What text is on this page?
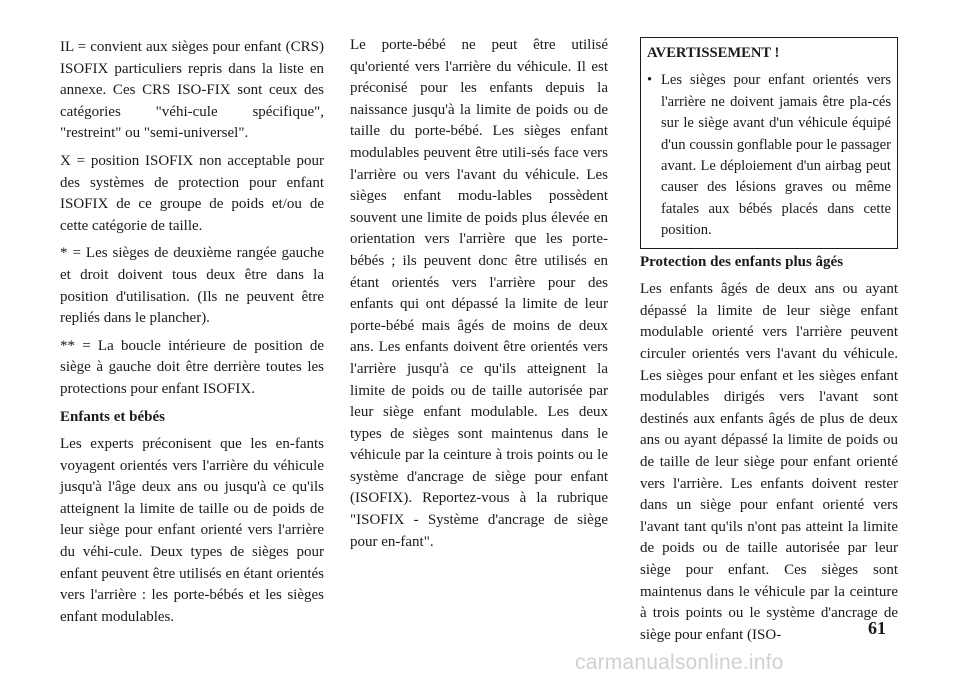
IL = convient aux sièges pour enfant (CRS) ISOFIX particuliers repris dans la liste en annexe. Ces CRS ISO-FIX sont ceux des catégories "véhi-cule spécifique", "restreint" ou "semi-universel".

X = position ISOFIX non acceptable pour des systèmes de protection pour enfant ISOFIX de ce groupe de poids et/ou de cette catégorie de taille.

* = Les sièges de deuxième rangée gauche et droit doivent tous deux être dans la position d'utilisation. (Ils ne peuvent être repliés dans le plancher).

** = La boucle intérieure de position de siège à gauche doit être derrière toutes les protections pour enfant ISOFIX.

Enfants et bébés

Les experts préconisent que les en-fants voyagent orientés vers l'arrière du véhicule jusqu'à l'âge deux ans ou jusqu'à ce qu'ils atteignent la limite de taille ou de poids de leur siège pour enfant orienté vers l'arrière du véhi-cule. Deux types de sièges pour enfant peuvent être utilisés en étant orientés vers l'arrière : les porte-bébés et les sièges enfant modulables.

Le porte-bébé ne peut être utilisé qu'orienté vers l'arrière du véhicule. Il est préconisé pour les enfants depuis la naissance jusqu'à la limite de poids ou de taille du porte-bébé. Les sièges enfant modulables peuvent être utili-sés face vers l'arrière ou vers l'avant du véhicule. Les sièges enfant modu-lables possèdent souvent une limite de poids plus élevée en orientation vers l'arrière que les porte-bébés ; ils peuvent donc être utilisés en étant orientés vers l'arrière pour des enfants qui ont dépassé la limite de leur porte-bébé mais âgés de moins de deux ans. Les enfants doivent être orientés vers l'arrière jusqu'à ce qu'ils atteignent la limite de poids ou de taille autorisée par leur siège enfant modulable. Les deux types de sièges sont maintenus dans le véhicule par la ceinture à trois points ou le système d'ancrage de siège pour enfant (ISOFIX). Reportez-vous à la rubrique "ISOFIX - Système d'ancrage de siège pour en-fant".

AVERTISSEMENT !

• Les sièges pour enfant orientés vers l'arrière ne doivent jamais être pla-cés sur le siège avant d'un véhicule équipé d'un coussin gonflable pour le passager avant. Le déploiement d'un airbag peut causer des lésions graves ou même fatales aux bébés placés dans cette position.

Protection des enfants plus âgés

Les enfants âgés de deux ans ou ayant dépassé la limite de leur siège enfant modulable orienté vers l'arrière peuvent circuler orientés vers l'avant du véhicule. Les sièges pour enfant et les sièges enfant modulables dirigés vers l'avant sont destinés aux enfants âgés de plus de deux ans ou ayant dépassé la limite de poids ou de taille de leur siège pour enfant orienté vers l'arrière. Les enfants doivent rester dans un siège pour enfant orienté vers l'avant tant qu'ils n'ont pas atteint la limite de poids ou de taille autorisée par leur siège pour enfant. Ces sièges sont maintenus dans le véhicule par la ceinture à trois points ou le système d'ancrage de siège pour enfant (ISO-	61
carmanualsonline.info
